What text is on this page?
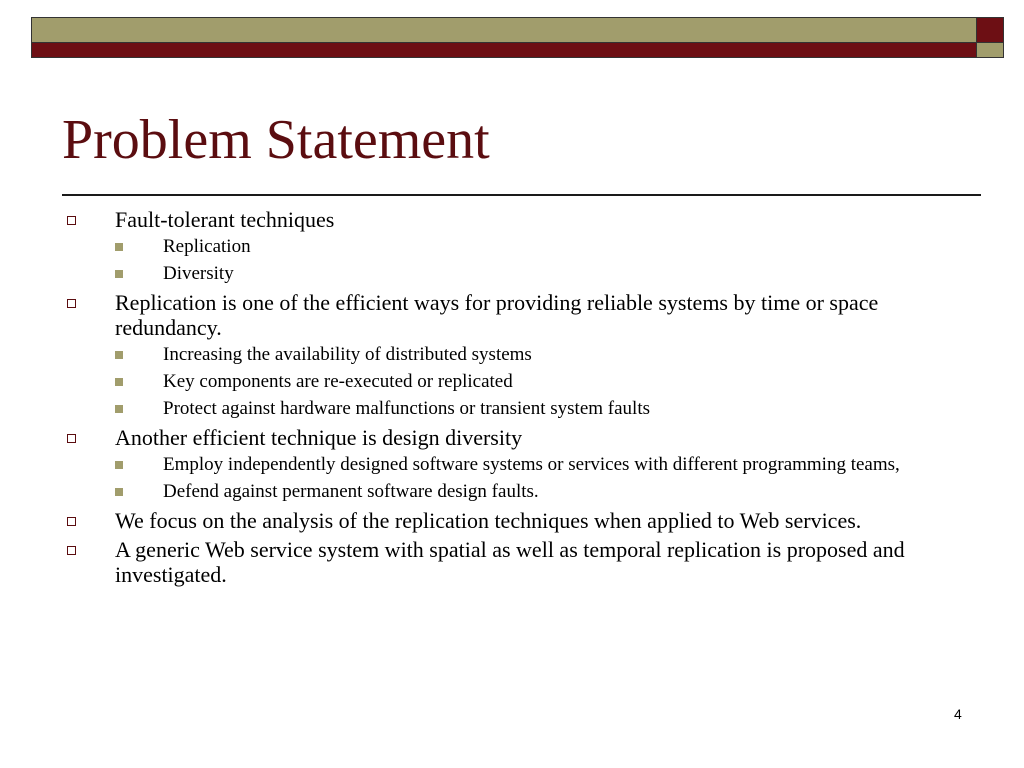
Problem Statement
Fault-tolerant techniques
Replication
Diversity
Replication is one of the efficient ways for providing reliable systems by time or space redundancy.
Increasing the availability of distributed systems
Key components are re-executed or replicated
Protect against hardware malfunctions or transient system faults
Another efficient technique is design diversity
Employ independently designed software systems or services with different programming teams,
Defend against permanent software design faults.
We focus on the analysis of the replication techniques when applied to Web services.
A generic Web service system with spatial as well as temporal replication is proposed and investigated.
4
